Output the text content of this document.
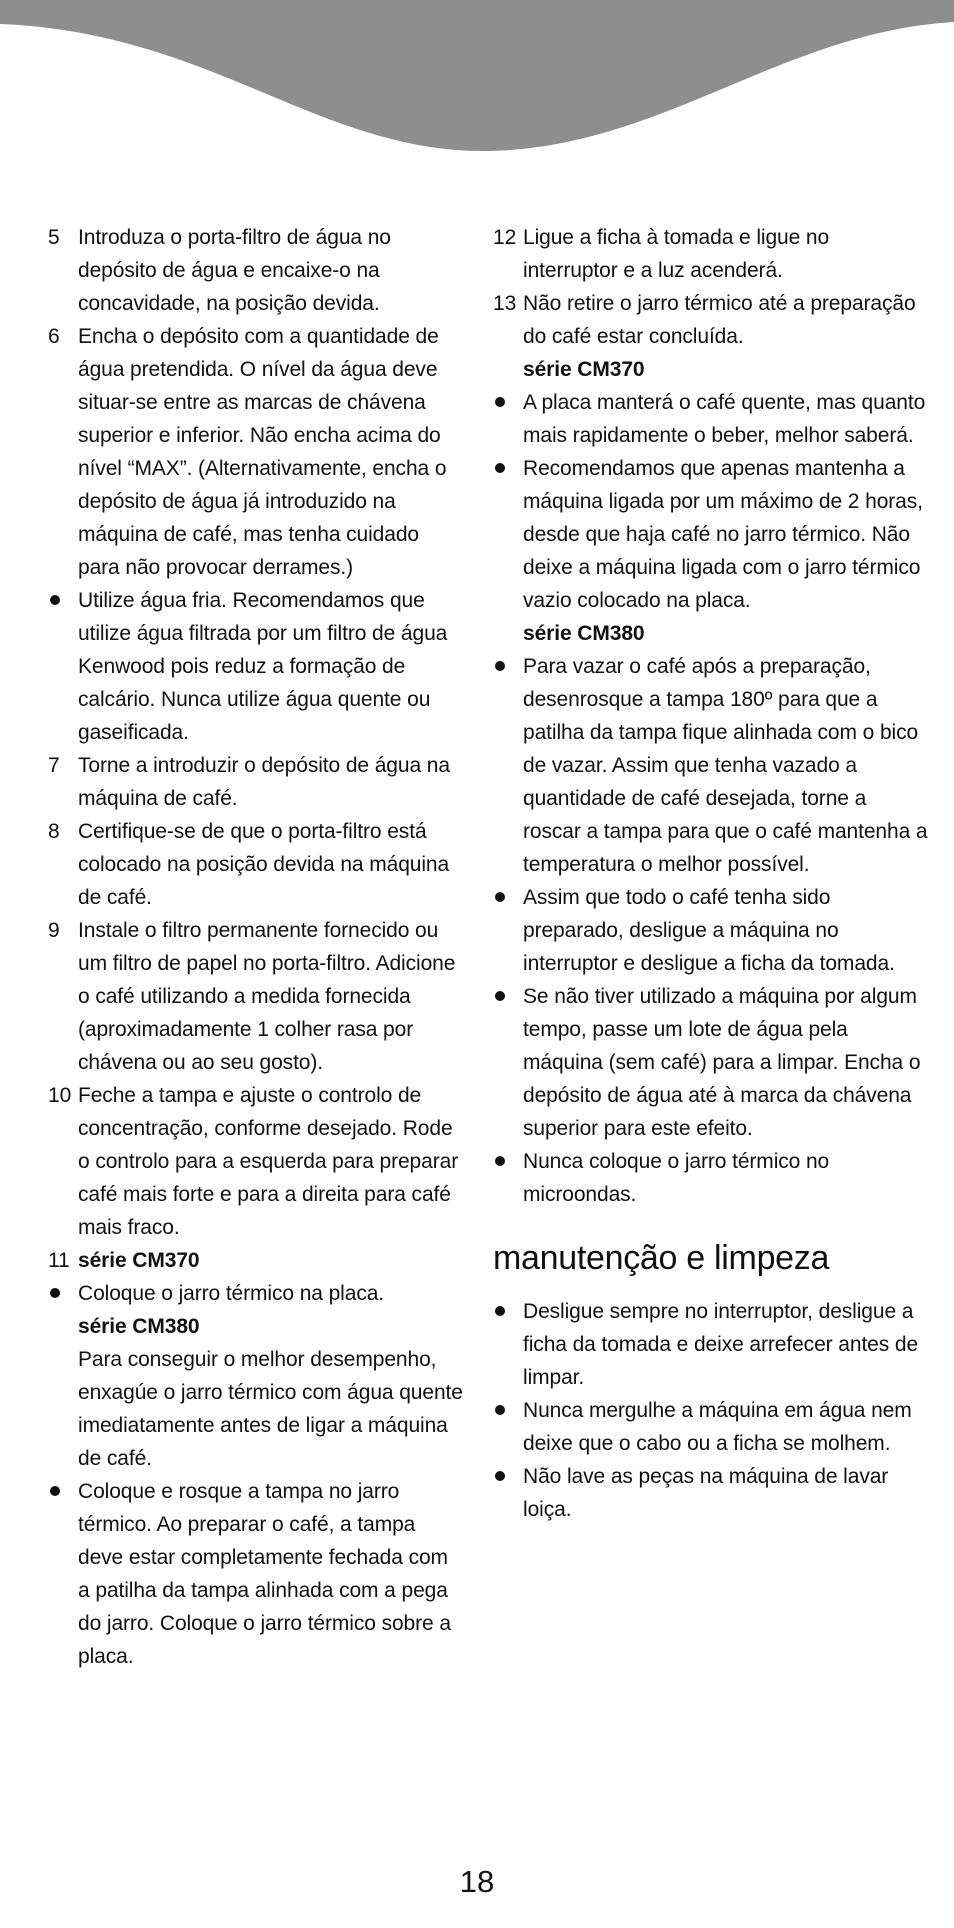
5 Introduza o porta-filtro de água no depósito de água e encaixe-o na concavidade, na posição devida.
6 Encha o depósito com a quantidade de água pretendida. O nível da água deve situar-se entre as marcas de chávena superior e inferior. Não encha acima do nível “MAX”. (Alternativamente, encha o depósito de água já introduzido na máquina de café, mas tenha cuidado para não provocar derrames.)
Utilize água fria. Recomendamos que utilize água filtrada por um filtro de água Kenwood pois reduz a formação de calcário. Nunca utilize água quente ou gaseificada.
7 Torne a introduzir o depósito de água na máquina de café.
8 Certifique-se de que o porta-filtro está colocado na posição devida na máquina de café.
9 Instale o filtro permanente fornecido ou um filtro de papel no porta-filtro. Adicione o café utilizando a medida fornecida (aproximadamente 1 colher rasa por chávena ou ao seu gosto).
10 Feche a tampa e ajuste o controlo de concentração, conforme desejado. Rode o controlo para a esquerda para preparar café mais forte e para a direita para café mais fraco.
11 série CM370
Coloque o jarro térmico na placa.
série CM380
Para conseguir o melhor desempenho, enxagúe o jarro térmico com água quente imediatamente antes de ligar a máquina de café.
Coloque e rosque a tampa no jarro térmico. Ao preparar o café, a tampa deve estar completamente fechada com a patilha da tampa alinhada com a pega do jarro. Coloque o jarro térmico sobre a placa.
12 Ligue a ficha à tomada e ligue no interruptor e a luz acenderá.
13 Não retire o jarro térmico até a preparação do café estar concluída.
série CM370
A placa manterá o café quente, mas quanto mais rapidamente o beber, melhor saberá.
Recomendamos que apenas mantenha a máquina ligada por um máximo de 2 horas, desde que haja café no jarro térmico. Não deixe a máquina ligada com o jarro térmico vazio colocado na placa.
série CM380
Para vazar o café após a preparação, desenrosque a tampa 180º para que a patilha da tampa fique alinhada com o bico de vazar. Assim que tenha vazado a quantidade de café desejada, torne a roscar a tampa para que o café mantenha a temperatura o melhor possível.
Assim que todo o café tenha sido preparado, desligue a máquina no interruptor e desligue a ficha da tomada.
Se não tiver utilizado a máquina por algum tempo, passe um lote de água pela máquina (sem café) para a limpar. Encha o depósito de água até à marca da chávena superior para este efeito.
Nunca coloque o jarro térmico no microondas.
manutenção e limpeza
Desligue sempre no interruptor, desligue a ficha da tomada e deixe arrefecer antes de limpar.
Nunca mergulhe a máquina em água nem deixe que o cabo ou a ficha se molhem.
Não lave as peças na máquina de lavar loiça.
18
